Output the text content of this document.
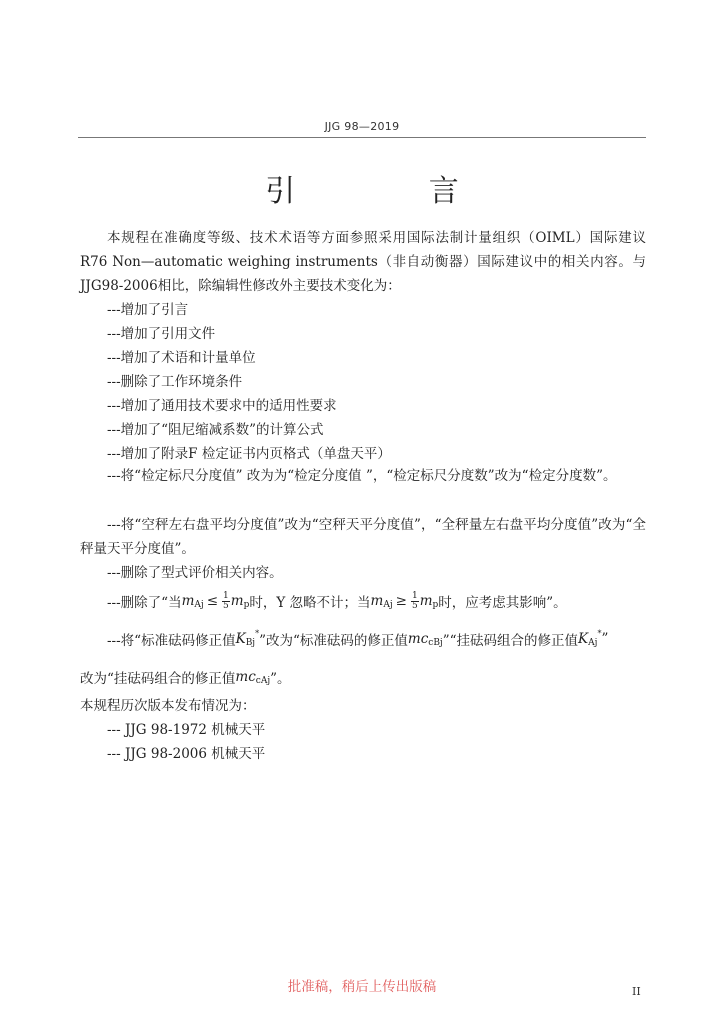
JJG 98—2019
引 言
本规程在准确度等级、技术术语等方面参照采用国际法制计量组织（OIML）国际建议R76 Non—automatic weighing instruments（非自动衡器）国际建议中的相关内容。与JJG98-2006相比，除编辑性修改外主要技术变化为：
---增加了引言
---增加了引用文件
---增加了术语和计量单位
---删除了工作环境条件
---增加了通用技术要求中的适用性要求
---增加了“阻尼缩减系数”的计算公式
---增加了附录F 检定证书内页格式（单盘天平）
---将“检定标尺分度值” 改为为“检定分度值 ”，“检定标尺分度数”改为“检定分度数”。
---将“空秤左右盘平均分度值”改为“空秤天平分度值”，“全秤量左右盘平均分度值”改为“全秤量天平分度值”。
---删除了型式评价相关内容。
---删除了“当 m $Aj \le \frac{1}{5}$ m p 时，Y 忽略不计；当 m $Aj \ge \frac{1}{5}$ m p 时，应考虑其影响”。
---将“标准砝码修正值 K Bj
* ”改为“标准砝码的修正值 mc cBj ”“挂砝码组合的修正值 K Aj
* ”
改为“挂砝码组合的修正值 mc cAj ”。
本规程历次版本发布情况为：
--- JJG 98-1972 机械天平
--- JJG 98-2006 机械天平
批准稿，稍后上传出版稿	II
